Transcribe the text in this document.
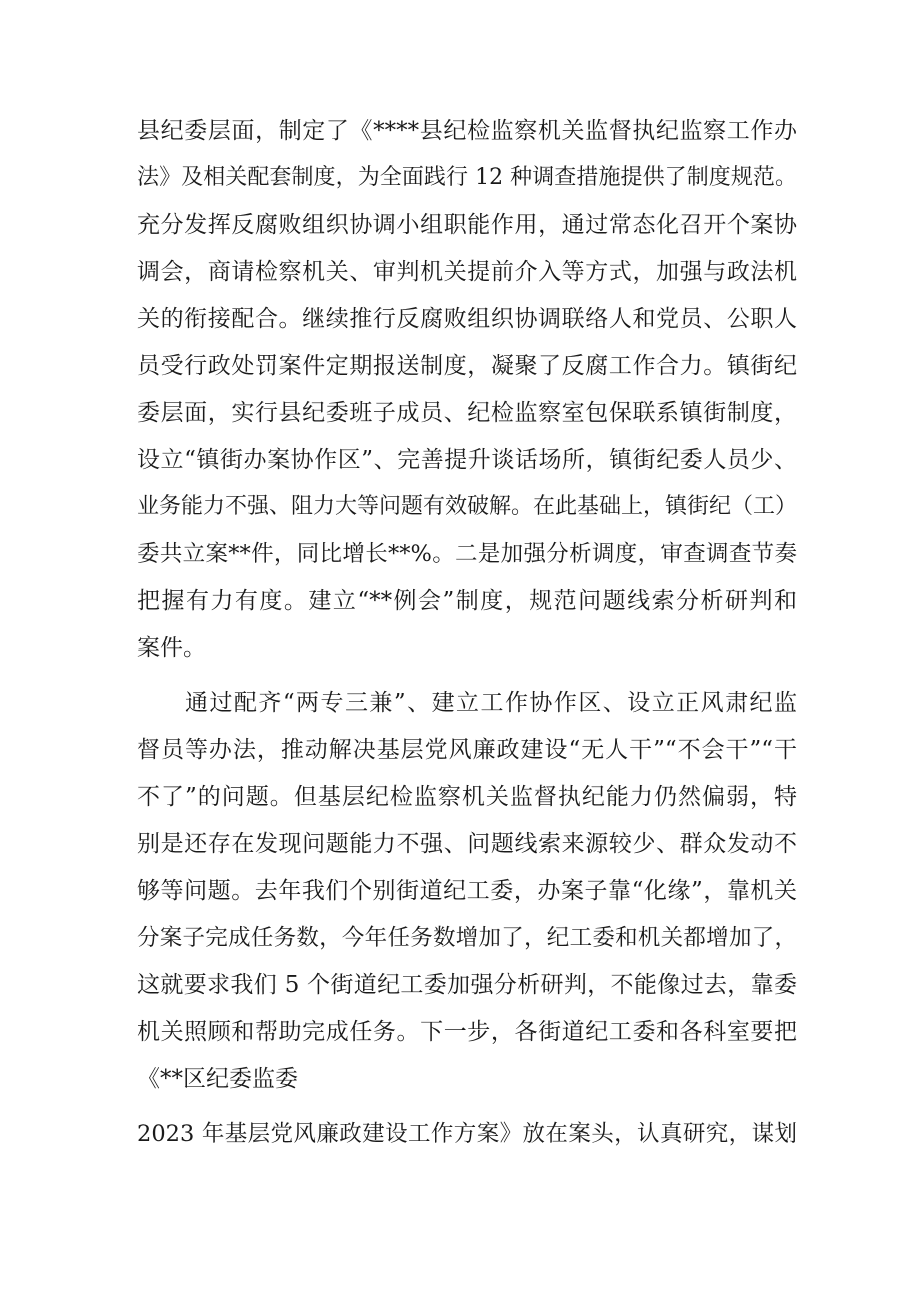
县纪委层面，制定了《****县纪检监察机关监督执纪监察工作办
法》及相关配套制度，为全面践行 12 种调查措施提供了制度规范。
充分发挥反腐败组织协调小组职能作用，通过常态化召开个案协
调会，商请检察机关、审判机关提前介入等方式，加强与政法机
关的衔接配合。继续推行反腐败组织协调联络人和党员、公职人
员受行政处罚案件定期报送制度，凝聚了反腐工作合力。镇街纪
委层面，实行县纪委班子成员、纪检监察室包保联系镇街制度，
设立“镇街办案协作区”、完善提升谈话场所，镇街纪委人员少、
业务能力不强、阻力大等问题有效破解。在此基础上，镇街纪（工）
委共立案**件，同比增长**%。二是加强分析调度，审查调查节奏
把握有力有度。建立“**例会”制度，规范问题线索分析研判和
案件。
通过配齐“两专三兼”、建立工作协作区、设立正风肃纪监
督员等办法，推动解决基层党风廉政建设“无人干”“不会干”“干
不了”的问题。但基层纪检监察机关监督执纪能力仍然偏弱，特
别是还存在发现问题能力不强、问题线索来源较少、群众发动不
够等问题。去年我们个别街道纪工委，办案子靠“化缘”，靠机关
分案子完成任务数，今年任务数增加了，纪工委和机关都增加了，
这就要求我们 5 个街道纪工委加强分析研判，不能像过去，靠委
机关照顾和帮助完成任务。下一步，各街道纪工委和各科室要把
《**区纪委监委
2023 年基层党风廉政建设工作方案》放在案头，认真研究，谋划
